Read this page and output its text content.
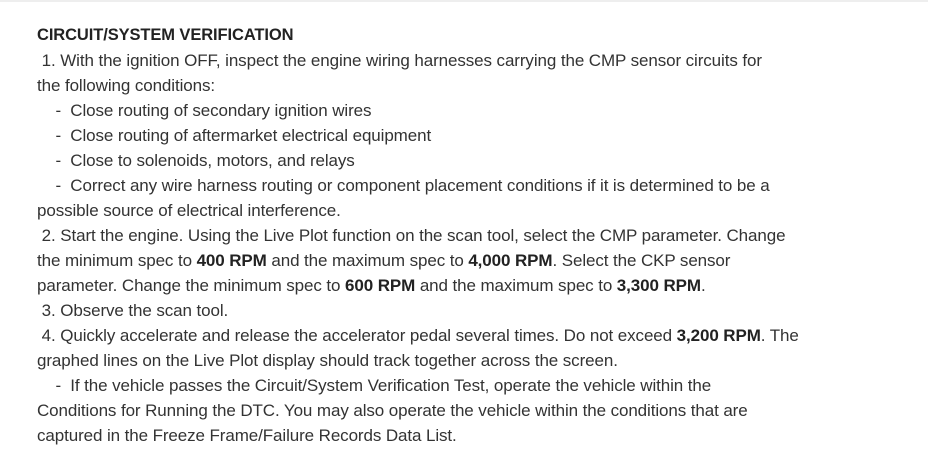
CIRCUIT/SYSTEM VERIFICATION

1. With the ignition OFF, inspect the engine wiring harnesses carrying the CMP sensor circuits for

the following conditions:

-  Close routing of secondary ignition wires

-  Close routing of aftermarket electrical equipment

-  Close to solenoids, motors, and relays

-  Correct any wire harness routing or component placement conditions if it is determined to be a

possible source of electrical interference.

2. Start the engine. Using the Live Plot function on the scan tool, select the CMP parameter. Change

the minimum spec to 400 RPM and the maximum spec to 4,000 RPM. Select the CKP sensor

parameter. Change the minimum spec to 600 RPM and the maximum spec to 3,300 RPM.

3. Observe the scan tool.

4. Quickly accelerate and release the accelerator pedal several times. Do not exceed 3,200 RPM. The

graphed lines on the Live Plot display should track together across the screen.

-  If the vehicle passes the Circuit/System Verification Test, operate the vehicle within the

Conditions for Running the DTC. You may also operate the vehicle within the conditions that are

captured in the Freeze Frame/Failure Records Data List.
